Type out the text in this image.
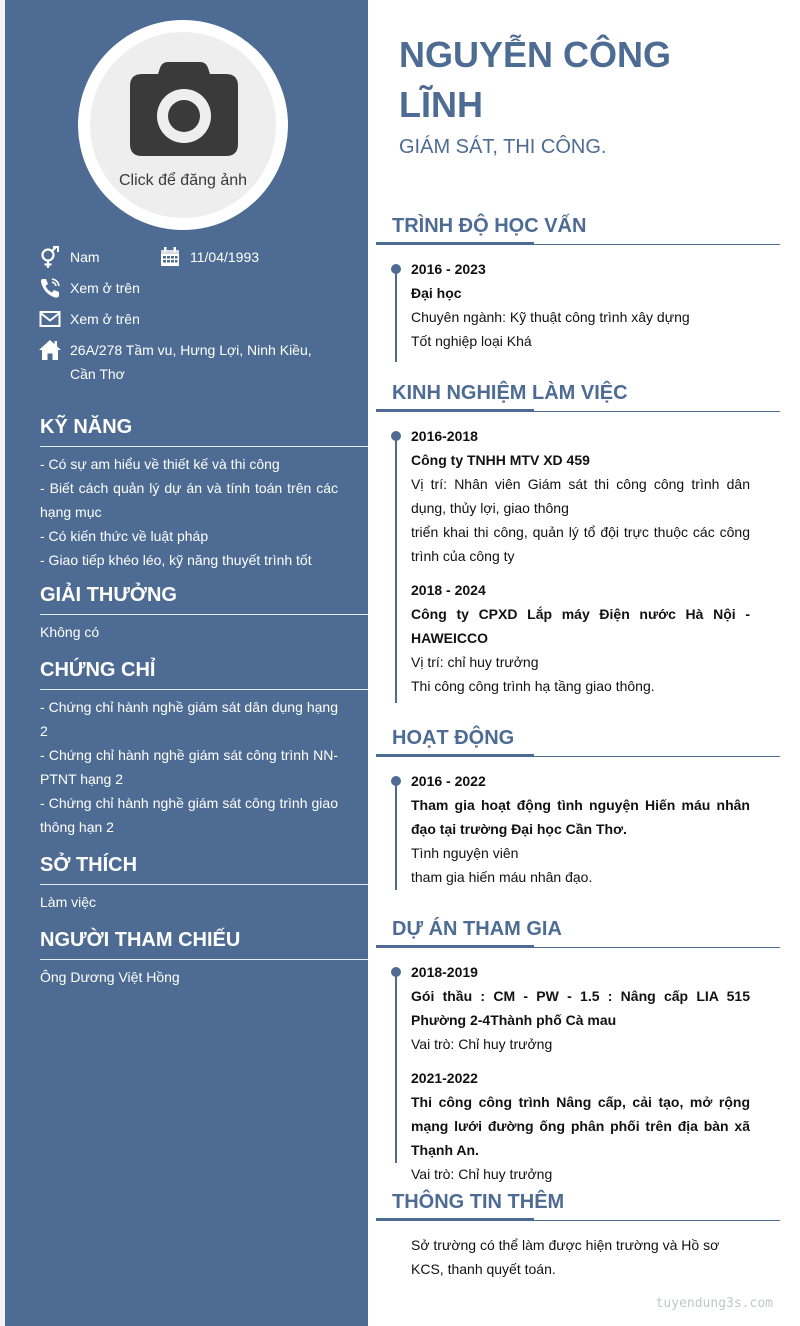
Click để đăng ảnh
Nam	11/04/1993
Xem ở trên
Xem ở trên
26A/278 Tầm vu, Hưng Lợi, Ninh Kiều, Cần Thơ
KỸ NĂNG
- Có sự am hiểu về thiết kế và thi công
- Biết cách quản lý dự án và tính toán trên các hạng mục
- Có kiến thức về luật pháp
- Giao tiếp khéo léo, kỹ năng thuyết trình tốt
GIẢI THƯỞNG
Không có
CHỨNG CHỈ
- Chứng chỉ hành nghề giám sát dân dụng hạng 2
- Chứng chỉ hành nghề giám sát công trình NN-PTNT hạng 2
- Chứng chỉ hành nghề giám sát công trình giao thông hạn 2
SỞ THÍCH
Làm việc
NGƯỜI THAM CHIẾU
Ông Dương Việt Hồng
NGUYỄN CÔNG LĨNH
GIÁM SÁT, THI CÔNG.
TRÌNH ĐỘ HỌC VẤN
2016 - 2023
Đại học
Chuyên ngành: Kỹ thuật công trình xây dựng
Tốt nghiệp loại Khá
KINH NGHIỆM LÀM VIỆC
2016-2018
Công ty TNHH MTV XD 459
Vị trí: Nhân viên Giám sát thi công công trình dân dụng, thủy lợi, giao thông
triển khai thi công, quản lý tổ đội trực thuộc các công trình của công ty
2018 - 2024
Công ty CPXD Lắp máy Điện nước Hà Nội - HAWEICCO
Vị trí: chỉ huy trưởng
Thi công công trình hạ tầng giao thông.
HOẠT ĐỘNG
2016 - 2022
Tham gia hoạt động tình nguyện Hiến máu nhân đạo tại trường Đại học Cần Thơ.
Tình nguyện viên
tham gia hiến máu nhân đạo.
DỰ ÁN THAM GIA
2018-2019
Gói thầu : CM - PW - 1.5 : Nâng cấp LIA 515 Phường 2-4Thành phố Cà mau
Vai trò: Chỉ huy trưởng
2021-2022
Thi công công trình Nâng cấp, cải tạo, mở rộng mạng lưới đường ống phân phối trên địa bàn xã Thạnh An.
Vai trò: Chỉ huy trưởng
THÔNG TIN THÊM
Sở trường có thể làm được hiện trường và Hồ sơ KCS, thanh quyết toán.
tuyendung3s.com
